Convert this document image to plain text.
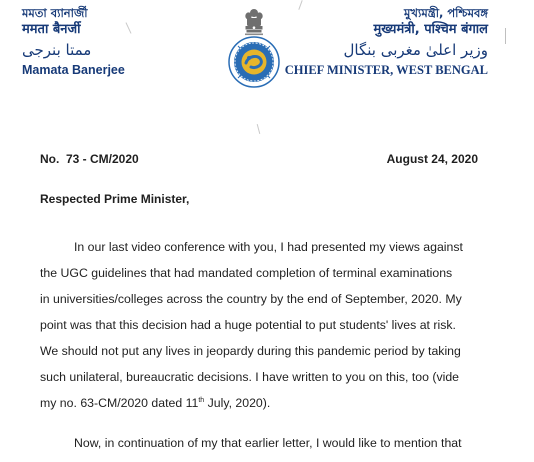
মমতা ব্যানার্জী
ममता बैनर्जी
ممتا بنرجی
Mamata Banerjee
মুখ্যমন্ত্রী, পশ্চিমবঙ্গ
मुख्यमंत्री, पश्चिम बंगाल
وزیر اعلیٰ مغربی بنگال
CHIEF MINISTER, WEST BENGAL
No.  73 - CM/2020	August 24, 2020
Respected Prime Minister,
In our last video conference with you, I had presented my views against
the UGC guidelines that had mandated completion of terminal examinations
in universities/colleges across the country by the end of September, 2020. My
point was that this decision had a huge potential to put students' lives at risk.
We should not put any lives in jeopardy during this pandemic period by taking
such unilateral, bureaucratic decisions. I have written to you on this, too (vide
my no. 63-CM/2020 dated 11th July, 2020).
Now, in continuation of my that earlier letter, I would like to mention that
